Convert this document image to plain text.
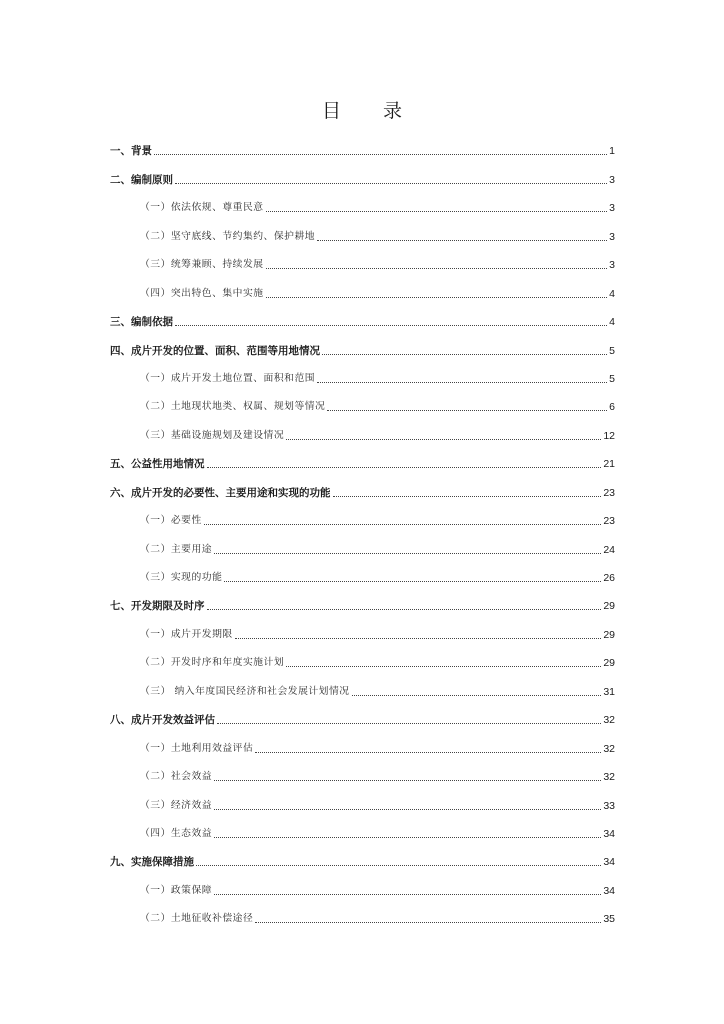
目 录
一、背景	1
二、编制原则	3
（一）依法依规、尊重民意	3
（二）坚守底线、节约集约、保护耕地	3
（三）统筹兼顾、持续发展	3
（四）突出特色、集中实施	4
三、编制依据	4
四、成片开发的位置、面积、范围等用地情况	5
（一）成片开发土地位置、面积和范围	5
（二）土地现状地类、权属、规划等情况	6
（三）基础设施规划及建设情况	12
五、公益性用地情况	21
六、成片开发的必要性、主要用途和实现的功能	23
（一）必要性	23
（二）主要用途	24
（三）实现的功能	26
七、开发期限及时序	29
（一）成片开发期限	29
（二）开发时序和年度实施计划	29
（三） 纳入年度国民经济和社会发展计划情况	31
八、成片开发效益评估	32
（一）土地利用效益评估	32
（二）社会效益	32
（三）经济效益	33
（四）生态效益	34
九、实施保障措施	34
（一）政策保障	34
（二）土地征收补偿途径	35
